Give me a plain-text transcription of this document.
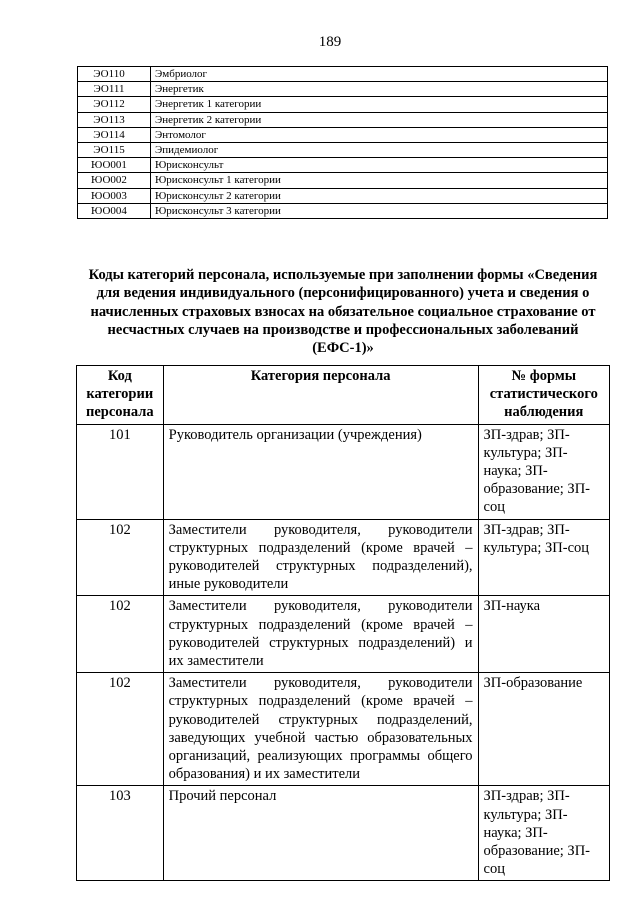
189
ЭО110	Эмбриолог
ЭО111	Энергетик
ЭО112	Энергетик 1 категории
ЭО113	Энергетик 2 категории
ЭО114	Энтомолог
ЭО115	Эпидемиолог
ЮО001	Юрисконсульт
ЮО002	Юрисконсульт 1 категории
ЮО003	Юрисконсульт 2 категории
ЮО004	Юрисконсульт 3 категории
Коды категорий персонала, используемые при заполнении формы «Сведения для ведения индивидуального (персонифицированного) учета и сведения о начисленных страховых взносах на обязательное социальное страхование от несчастных случаев на производстве и профессиональных заболеваний (ЕФС-1)»
Код категории персонала	Категория персонала	№ формы статистического наблюдения
101	Руководитель организации (учреждения)	ЗП-здрав; ЗП-культура; ЗП-наука; ЗП-образование; ЗП-соц
102	Заместители руководителя, руководители структурных подразделений (кроме врачей – руководителей структурных подразделений), иные руководители	ЗП-здрав; ЗП-культура; ЗП-соц
102	Заместители руководителя, руководители структурных подразделений (кроме врачей – руководителей структурных подразделений) и их заместители	ЗП-наука
102	Заместители руководителя, руководители структурных подразделений (кроме врачей – руководителей структурных подразделений, заведующих учебной частью образовательных организаций, реализующих программы общего образования) и их заместители	ЗП-образование
103	Прочий персонал	ЗП-здрав; ЗП-культура; ЗП-наука; ЗП-образование; ЗП-соц
